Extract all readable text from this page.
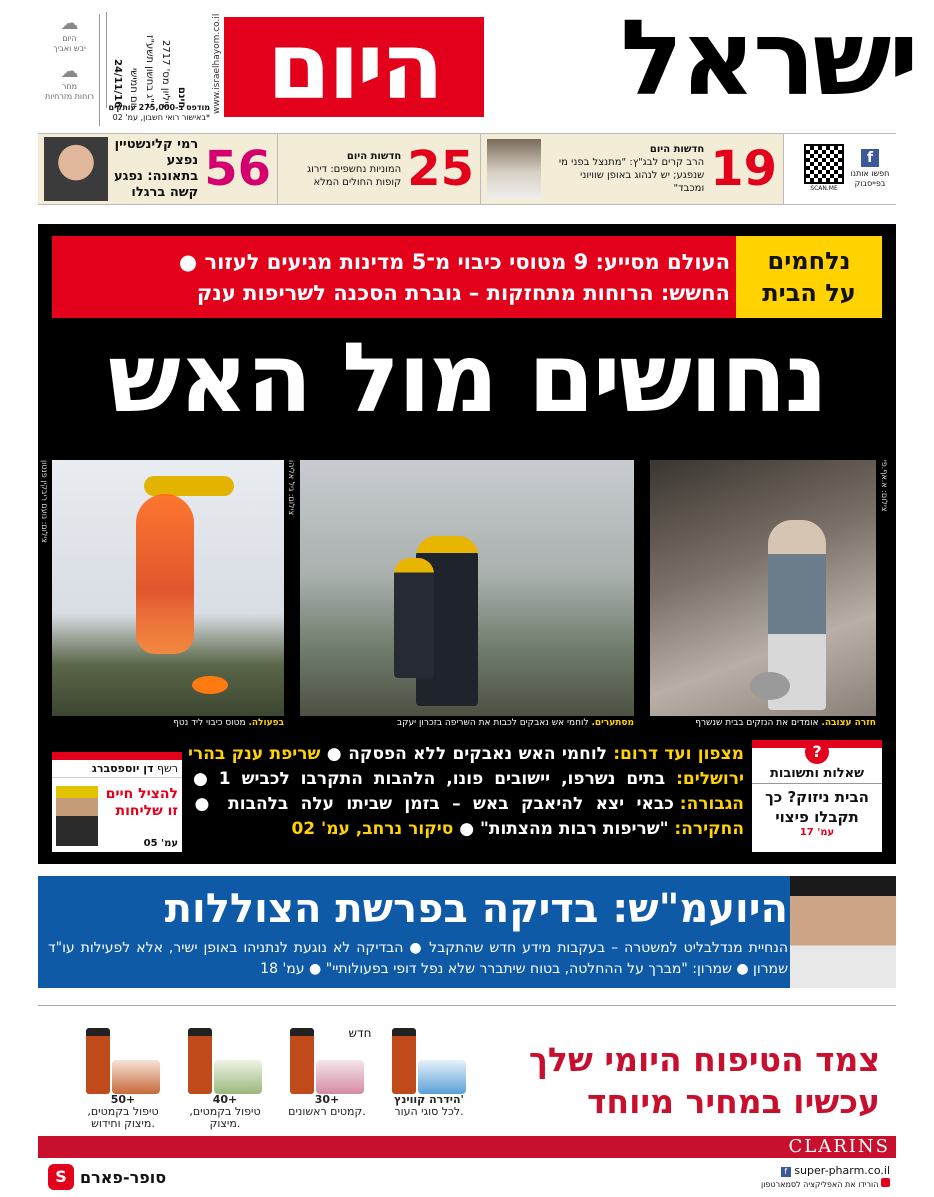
ישראל
היום
www.israelhayom.co.il
24/11/16 יום חמישי כ"ג בחשון תשע"ז גיליון מס' 2717 חינם
מודפס ב-275,000 עותקים
*באישור רואי חשבון, עמ' 02
☁
היום
יבש ואביך
☁
מחר
רוחות מזרחיות
f
חפשו אותנו בפייסבוק
SCAN.ME
19
חדשות היום
הרב קרים לבג"ץ: "מתנצל בפני מי שנפגע; יש לנהוג באופן שוויוני ומכבד"
25
חדשות היום
המוניות נחשפים: דירוג קופות החולים המלא
56
רמי קלינשטיין נפצע
בתאונה: נפגע קשה ברגלו
נלחמים
על הבית
העולם מסייע: 9 מטוסי כיבוי מ־5 מדינות מגיעים לעזור ●
החשש: הרוחות מתחזקות – גוברת הסכנה לשריפות ענק
נחושים מול האש
צילום: א.אף.פי
צילום: גיל אליהו
צילום: נועם ריבקין פנטון
חזרה עצובה. אומדים את הנזקים בבית שנשרף
מסתערים. לוחמי אש נאבקים לכבות את השריפה בזכרון יעקב
בפעולה. מטוס כיבוי ליד נטף
?
שאלות ותשובות
הבית ניזוק? כך תקבלו פיצוי
עמ' 17
מצפון ועד דרום: לוחמי האש נאבקים ללא הפסקה ● שריפת ענק בהרי ירושלים: בתים נשרפו, יישובים פונו, הלהבות התקרבו לכביש 1 ● הגבורה: כבאי יצא להיאבק באש – בזמן שביתו עלה בלהבות ● החקירה: "שריפות רבות מהצתות" ● סיקור נרחב, עמ' 02
רשף דן יוספסברג
להציל חיים זו שליחות
עמ' 05
היועמ"ש: בדיקה בפרשת הצוללות
הנחיית מנדלבליט למשטרה – בעקבות מידע חדש שהתקבל ● הבדיקה לא נוגעת לנתניהו באופן ישיר, אלא לפעילות עו"ד שמרון ● שמרון: "מברך על ההחלטה, בטוח שיתברר שלא נפל דופי בפעולותיי" ● עמ' 18
צמד הטיפוח היומי שלך
עכשיו במחיר מיוחד
חדש
הידרה קווינץ'
לכל סוגי העור.
30+
קמטים ראשונים.
40+
טיפול בקמטים, מיצוק.
50+
טיפול בקמטים, מיצוק וחידוש.
CLARINS
S סופר-פארם	f super-pharm.co.il
הורידו את האפליקציה לסמארטפון
